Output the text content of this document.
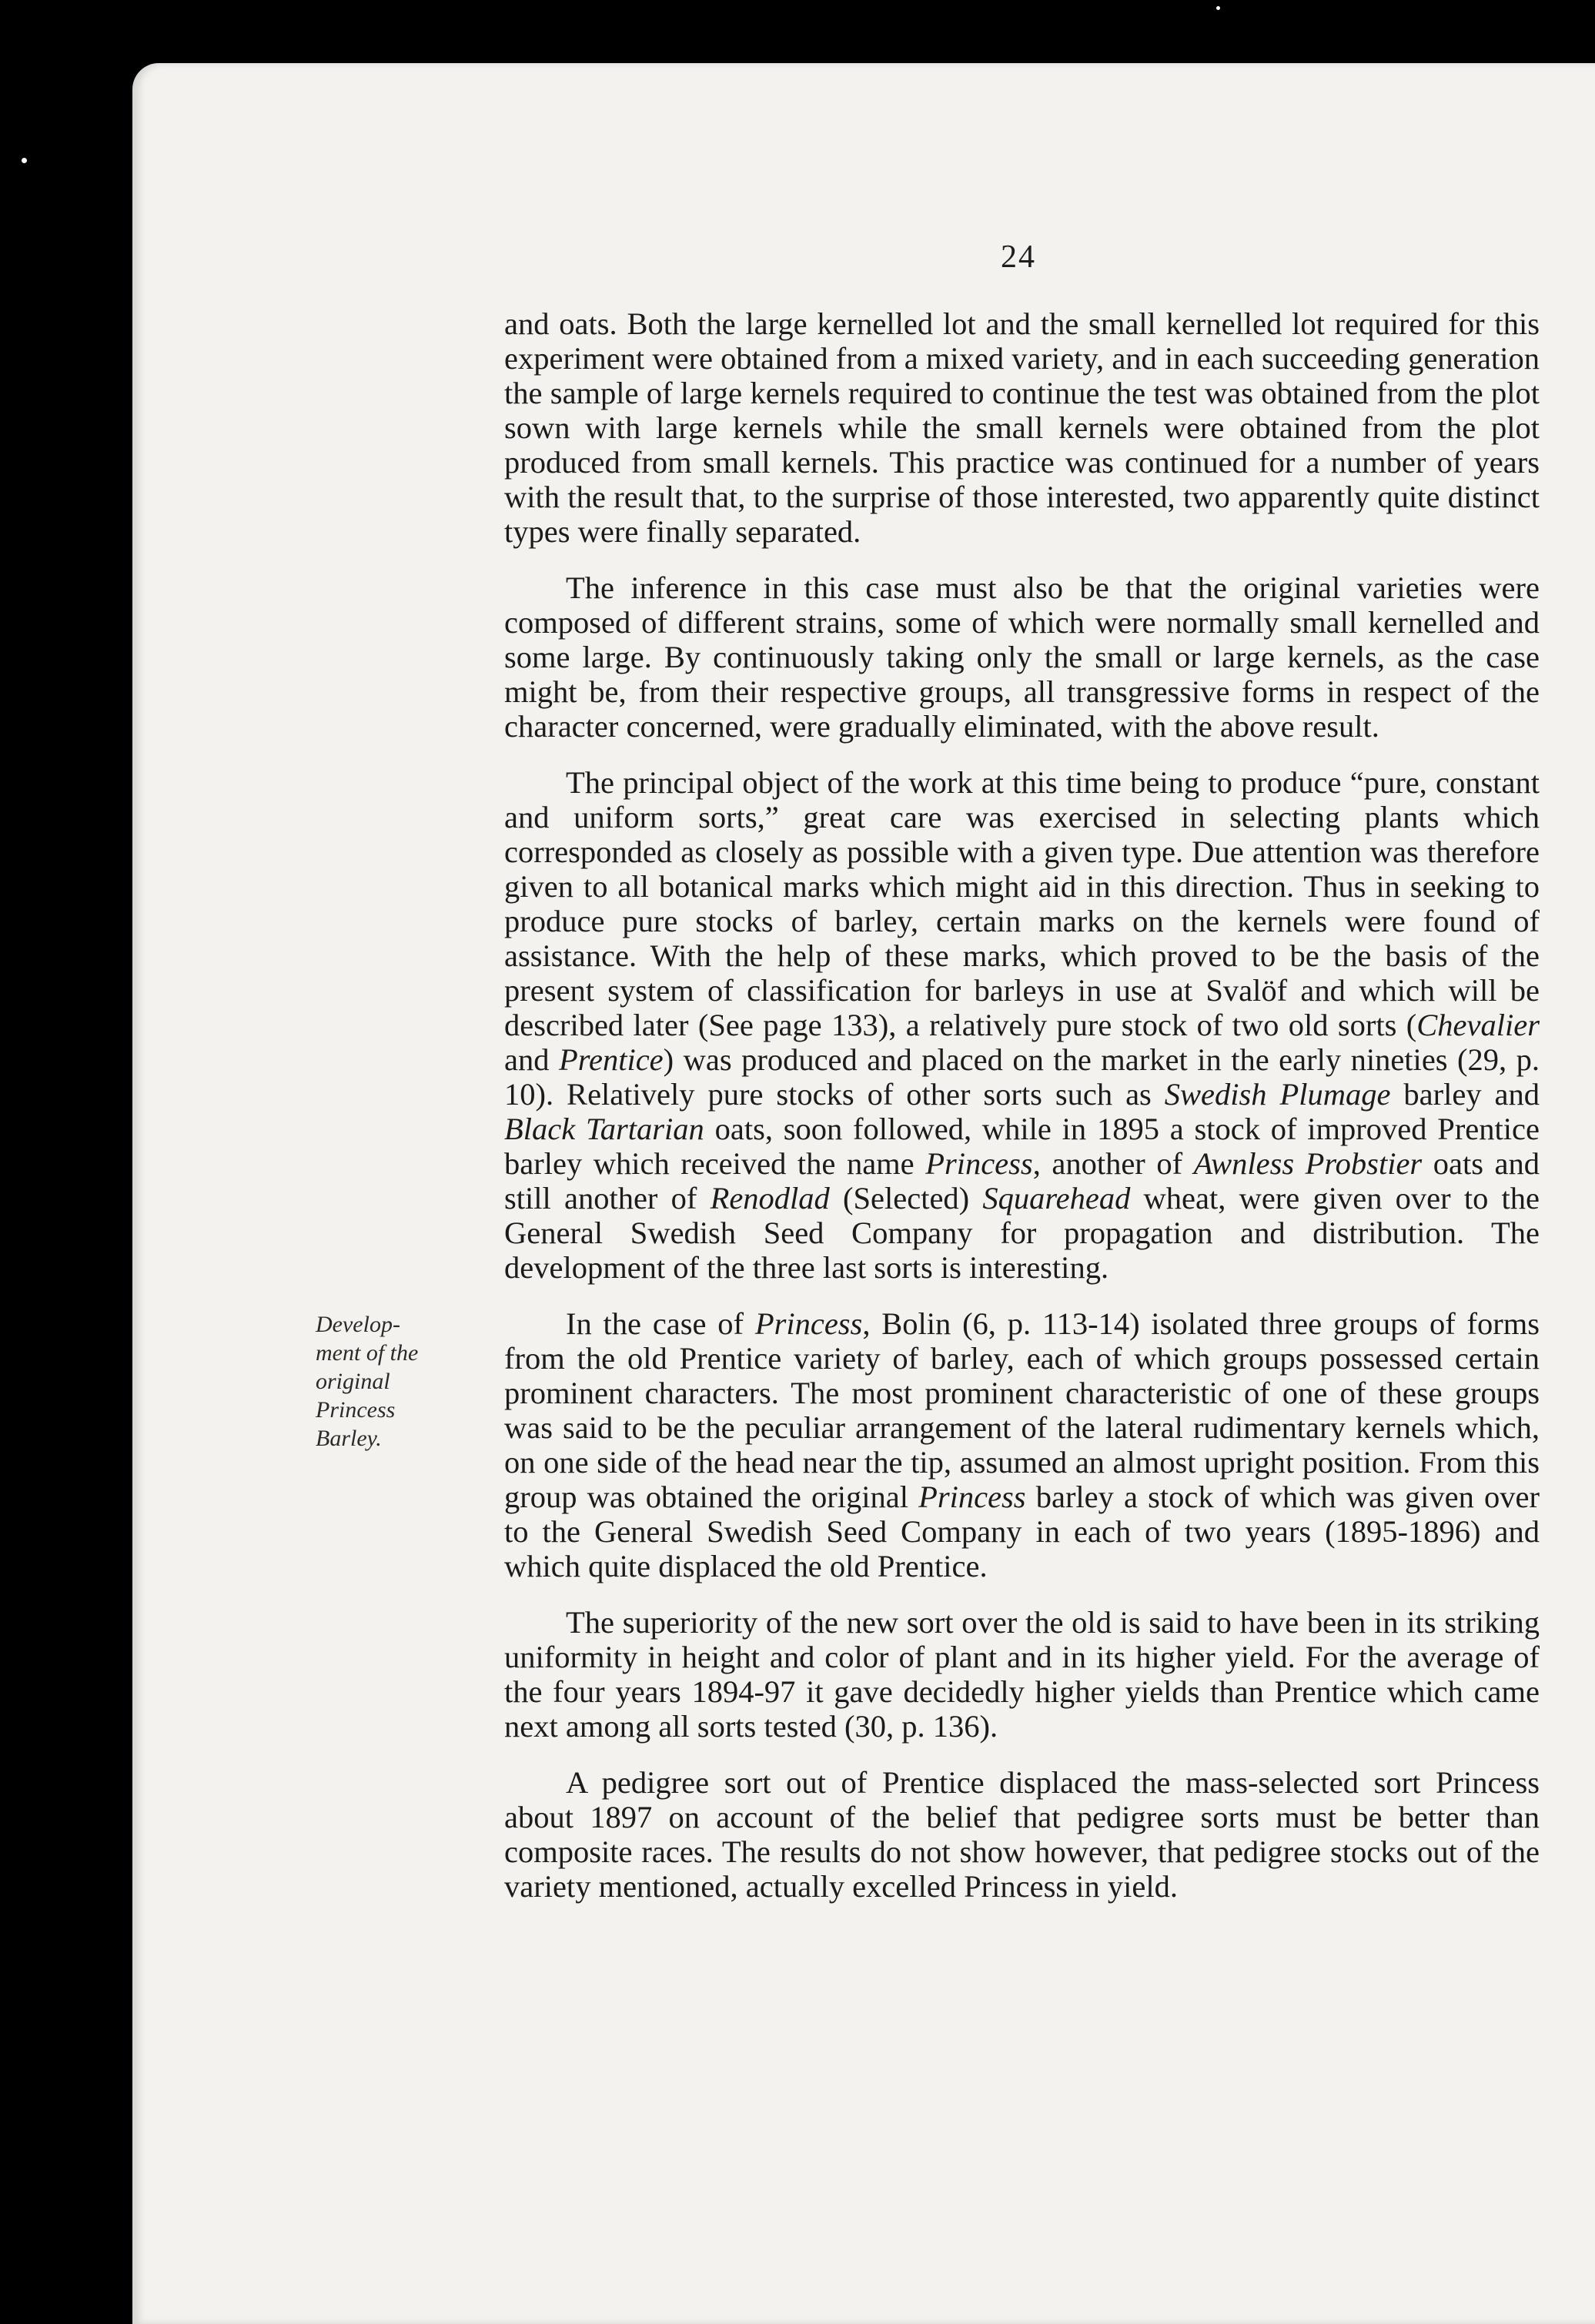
24
Develop-
ment of the
original
Princess
Barley.

and oats. Both the large kernelled lot and the small kernelled lot required for this experiment were obtained from a mixed variety, and in each succeeding generation the sample of large kernels required to continue the test was obtained from the plot sown with large kernels while the small kernels were obtained from the plot produced from small kernels. This practice was continued for a number of years with the result that, to the surprise of those interested, two apparently quite distinct types were finally separated.

The inference in this case must also be that the original varieties were composed of different strains, some of which were normally small kernelled and some large. By continuously taking only the small or large kernels, as the case might be, from their respective groups, all transgressive forms in respect of the character concerned, were gradually eliminated, with the above result.

The principal object of the work at this time being to produce “pure, constant and uniform sorts,” great care was exercised in selecting plants which corresponded as closely as possible with a given type. Due attention was therefore given to all botanical marks which might aid in this direction. Thus in seeking to produce pure stocks of barley, certain marks on the kernels were found of assistance. With the help of these marks, which proved to be the basis of the present system of classification for barleys in use at Svalöf and which will be described later (See page 133), a relatively pure stock of two old sorts (Chevalier and Prentice) was produced and placed on the market in the early nineties (29, p. 10). Relatively pure stocks of other sorts such as Swedish Plumage barley and Black Tartarian oats, soon followed, while in 1895 a stock of improved Prentice barley which received the name Princess, another of Awnless Probstier oats and still another of Renodlad (Selected) Squarehead wheat, were given over to the General Swedish Seed Company for propagation and distribution. The development of the three last sorts is interesting.

In the case of Princess, Bolin (6, p. 113-14) isolated three groups of forms from the old Prentice variety of barley, each of which groups possessed certain prominent characters. The most prominent characteristic of one of these groups was said to be the peculiar arrangement of the lateral rudimentary kernels which, on one side of the head near the tip, assumed an almost upright position. From this group was obtained the original Princess barley a stock of which was given over to the General Swedish Seed Company in each of two years (1895-1896) and which quite displaced the old Prentice.

The superiority of the new sort over the old is said to have been in its striking uniformity in height and color of plant and in its higher yield. For the average of the four years 1894-97 it gave decidedly higher yields than Prentice which came next among all sorts tested (30, p. 136).

A pedigree sort out of Prentice displaced the mass-selected sort Princess about 1897 on account of the belief that pedigree sorts must be better than composite races. The results do not show however, that pedigree stocks out of the variety mentioned, actually excelled Princess in yield.
